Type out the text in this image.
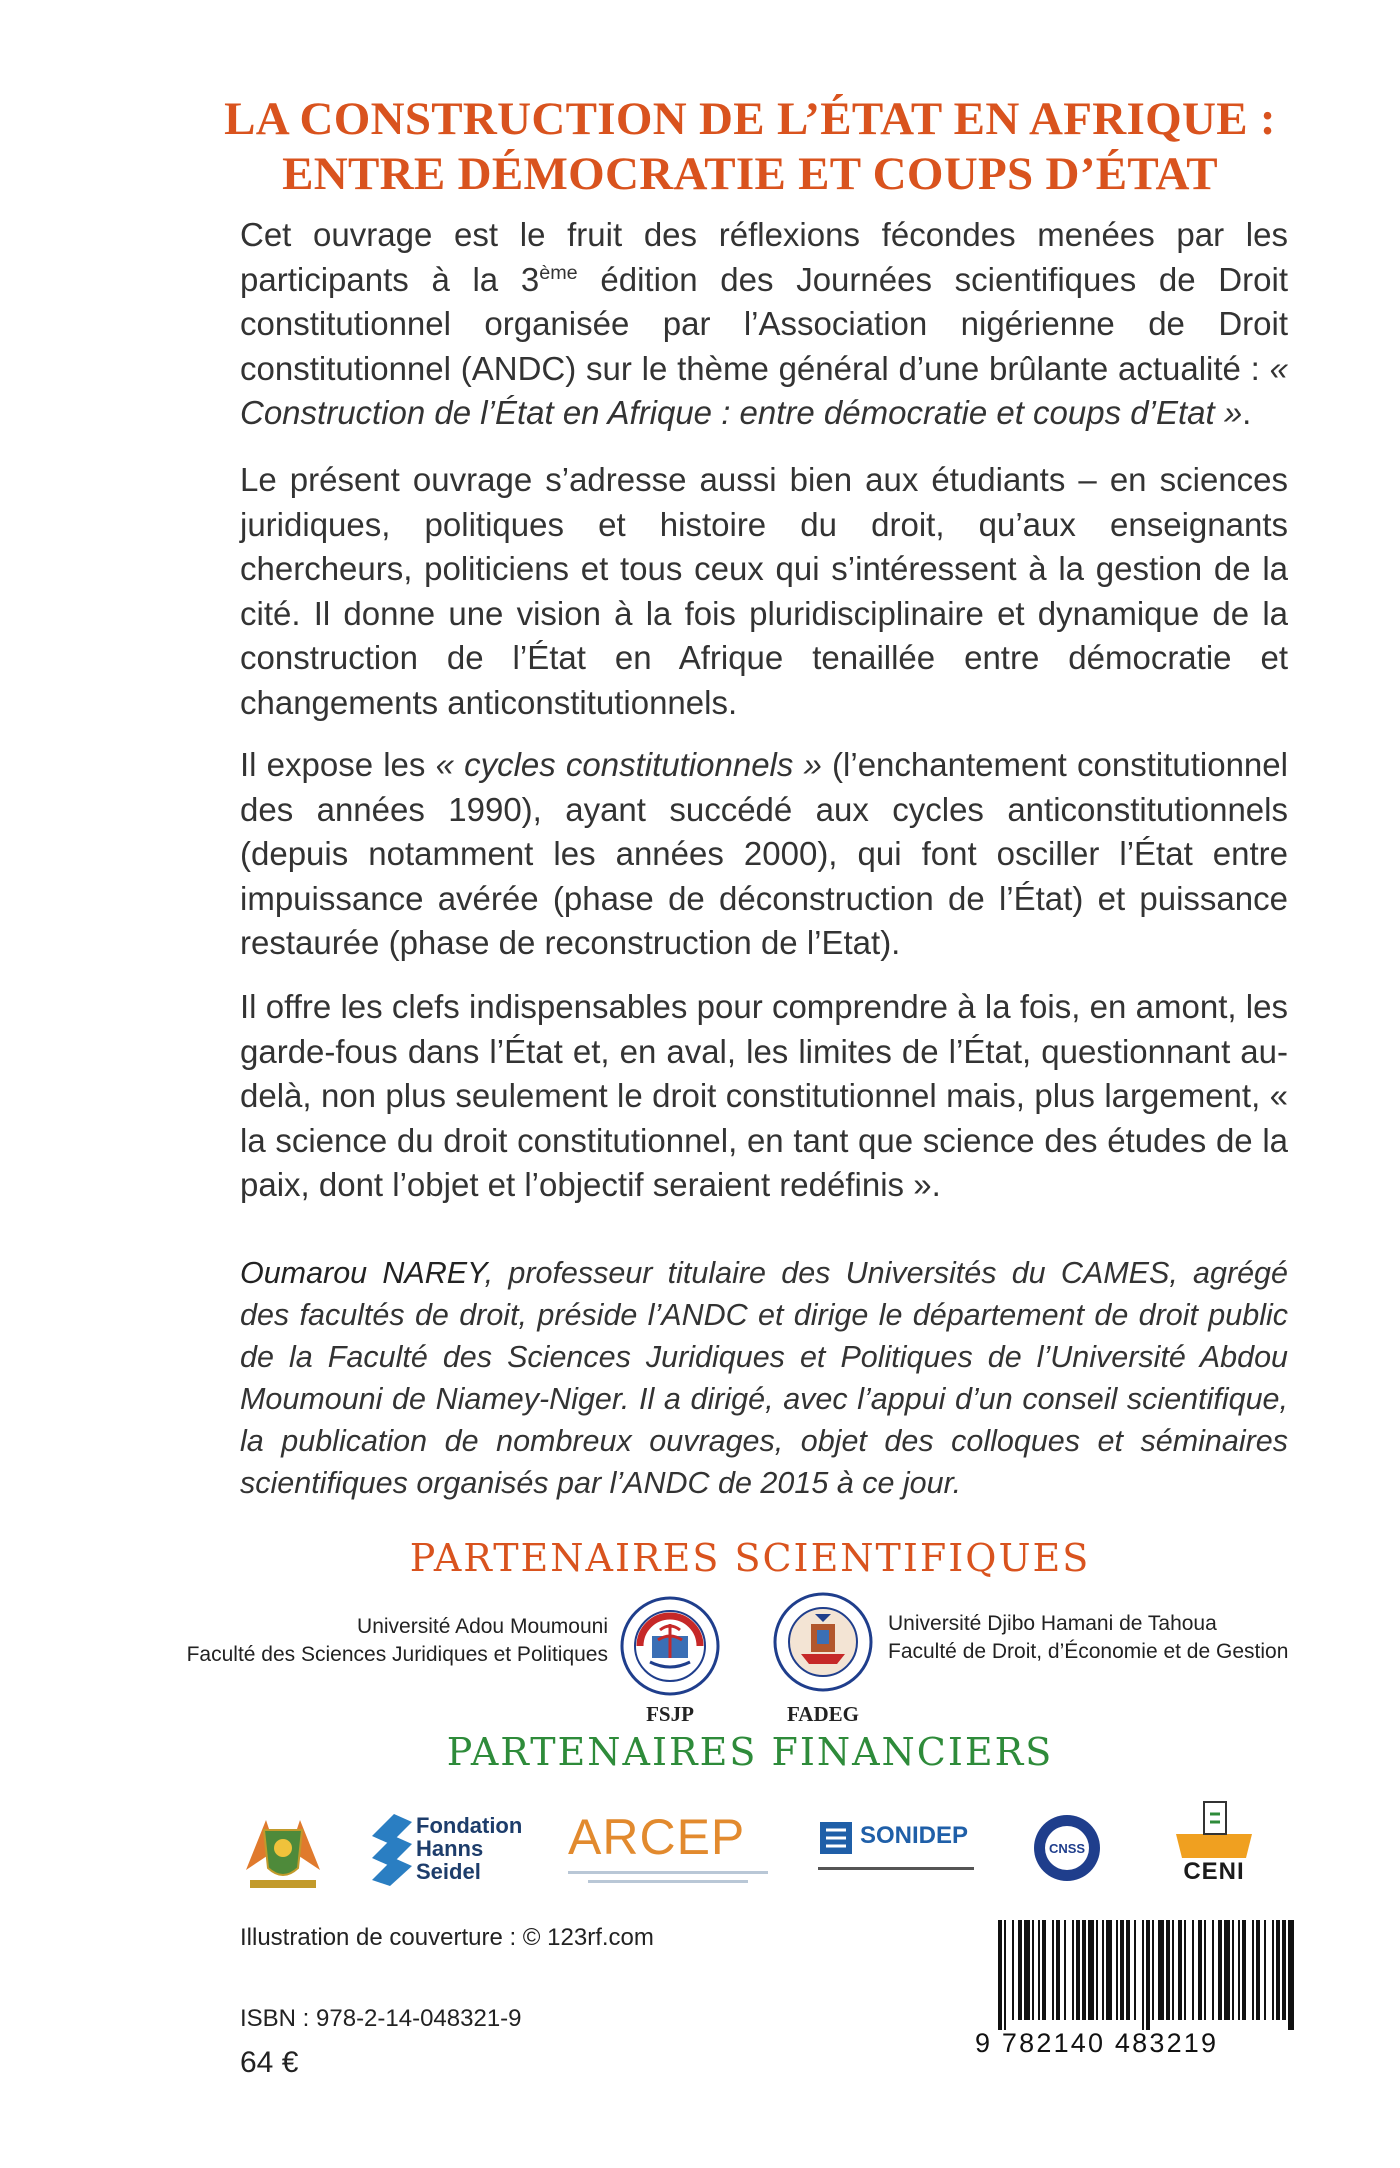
LA CONSTRUCTION DE L’ÉTAT EN AFRIQUE :
ENTRE DÉMOCRATIE ET COUPS D’ÉTAT

Cet ouvrage est le fruit des réflexions fécondes menées par les participants à la 3ème édition des Journées scientifiques de Droit constitutionnel organisée par l’Association nigérienne de Droit constitutionnel (ANDC) sur le thème général d’une brûlante actualité : « Construction de l’État en Afrique : entre démocratie et coups d’Etat ».

Le présent ouvrage s’adresse aussi bien aux étudiants – en sciences juridiques, politiques et histoire du droit, qu’aux enseignants chercheurs, politiciens et tous ceux qui s’intéressent à la gestion de la cité. Il donne une vision à la fois pluridisciplinaire et dynamique de la construction de l’État en Afrique tenaillée entre démocratie et changements anticonstitutionnels.

Il expose les « cycles constitutionnels » (l’enchantement constitutionnel des années 1990), ayant succédé aux cycles anticonstitutionnels (depuis notamment les années 2000), qui font osciller l’État entre impuissance avérée (phase de déconstruction de l’État) et puissance restaurée (phase de reconstruction de l’Etat).

Il offre les clefs indispensables pour comprendre à la fois, en amont, les garde-fous dans l’État et, en aval, les limites de l’État, questionnant au-delà, non plus seulement le droit constitutionnel mais, plus largement, « la science du droit constitutionnel, en tant que science des études de la paix, dont l’objet et l’objectif seraient redéfinis ».

Oumarou NAREY, professeur titulaire des Universités du CAMES, agrégé des facultés de droit, préside l’ANDC et dirige le département de droit public de la Faculté des Sciences Juridiques et Politiques de l’Université Abdou Moumouni de Niamey-Niger. Il a dirigé, avec l’appui d’un conseil scientifique, la publication de nombreux ouvrages, objet des colloques et séminaires scientifiques organisés par l’ANDC de 2015 à ce jour.

PARTENAIRES SCIENTIFIQUES
Université Adou Moumouni
Faculté des Sciences Juridiques et Politiques
FSJP	FADEG
Université Djibo Hamani de Tahoua
Faculté de Droit, d’Économie et de Gestion
PARTENAIRES FINANCIERS
Fondation
Hanns
Seidel
ARCEP	SONIDEP	CNSS
CENI
Illustration de couverture : © 123rf.com
ISBN : 978-2-14-048321-9
64 €
9 782140 483219
